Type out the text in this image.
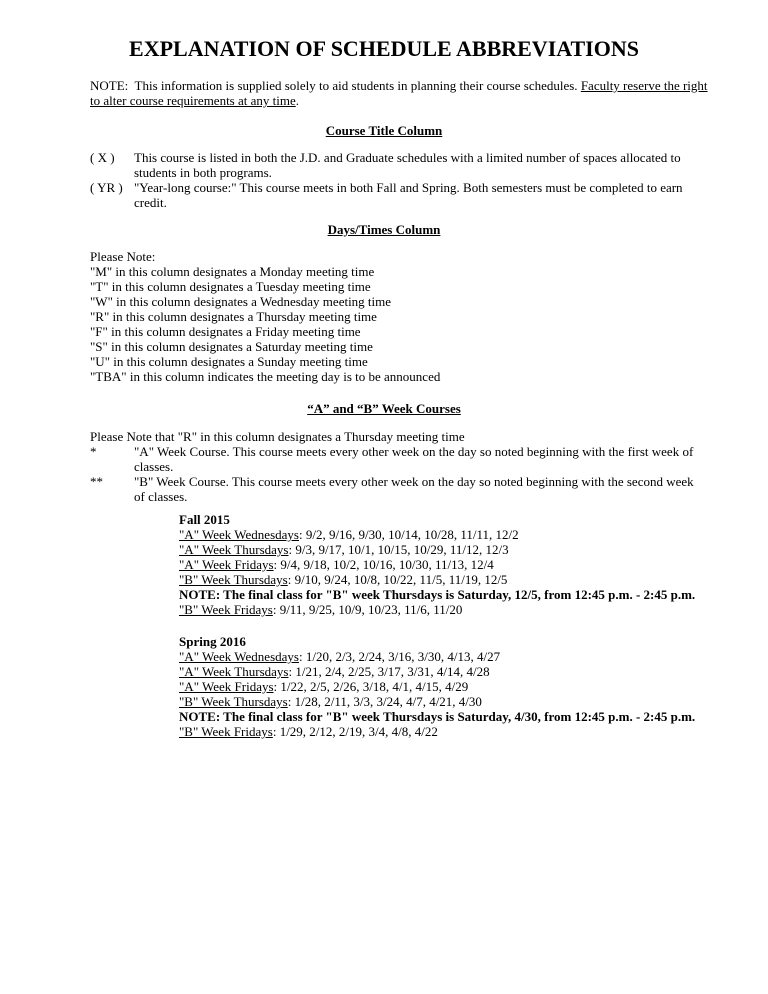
EXPLANATION OF SCHEDULE ABBREVIATIONS
NOTE:  This information is supplied solely to aid students in planning their course schedules. Faculty reserve the right
to alter course requirements at any time.
Course Title Column
( X ) This course is listed in both the J.D. and Graduate schedules with a limited number of spaces allocated to
students in both programs.
( YR ) "Year-long course:" This course meets in both Fall and Spring. Both semesters must be completed to earn
credit.
Days/Times Column
Please Note:
"M" in this column designates a Monday meeting time
"T" in this column designates a Tuesday meeting time
"W" in this column designates a Wednesday meeting time
"R" in this column designates a Thursday meeting time
"F" in this column designates a Friday meeting time
"S" in this column designates a Saturday meeting time
"U" in this column designates a Sunday meeting time
"TBA" in this column indicates the meeting day is to be announced
“A” and “B” Week Courses
Please Note that "R" in this column designates a Thursday meeting time
*	"A" Week Course. This course meets every other week on the day so noted beginning with the first week of
classes.
** "B" Week Course. This course meets every other week on the day so noted beginning with the second week
of classes.
Fall 2015
"A" Week Wednesdays: 9/2, 9/16, 9/30, 10/14, 10/28, 11/11, 12/2
"A" Week Thursdays: 9/3, 9/17, 10/1, 10/15, 10/29, 11/12, 12/3
"A" Week Fridays: 9/4, 9/18, 10/2, 10/16, 10/30, 11/13, 12/4
"B" Week Thursdays: 9/10, 9/24, 10/8, 10/22, 11/5, 11/19, 12/5
NOTE: The final class for "B" week Thursdays is Saturday, 12/5, from 12:45 p.m. - 2:45 p.m.
"B" Week Fridays: 9/11, 9/25, 10/9, 10/23, 11/6, 11/20
Spring 2016
"A" Week Wednesdays: 1/20, 2/3, 2/24, 3/16, 3/30, 4/13, 4/27
"A" Week Thursdays: 1/21, 2/4, 2/25, 3/17, 3/31, 4/14, 4/28
"A" Week Fridays: 1/22, 2/5, 2/26, 3/18, 4/1, 4/15, 4/29
"B" Week Thursdays: 1/28, 2/11, 3/3, 3/24, 4/7, 4/21, 4/30
NOTE: The final class for "B" week Thursdays is Saturday, 4/30, from 12:45 p.m. - 2:45 p.m.
"B" Week Fridays: 1/29, 2/12, 2/19, 3/4, 4/8, 4/22
